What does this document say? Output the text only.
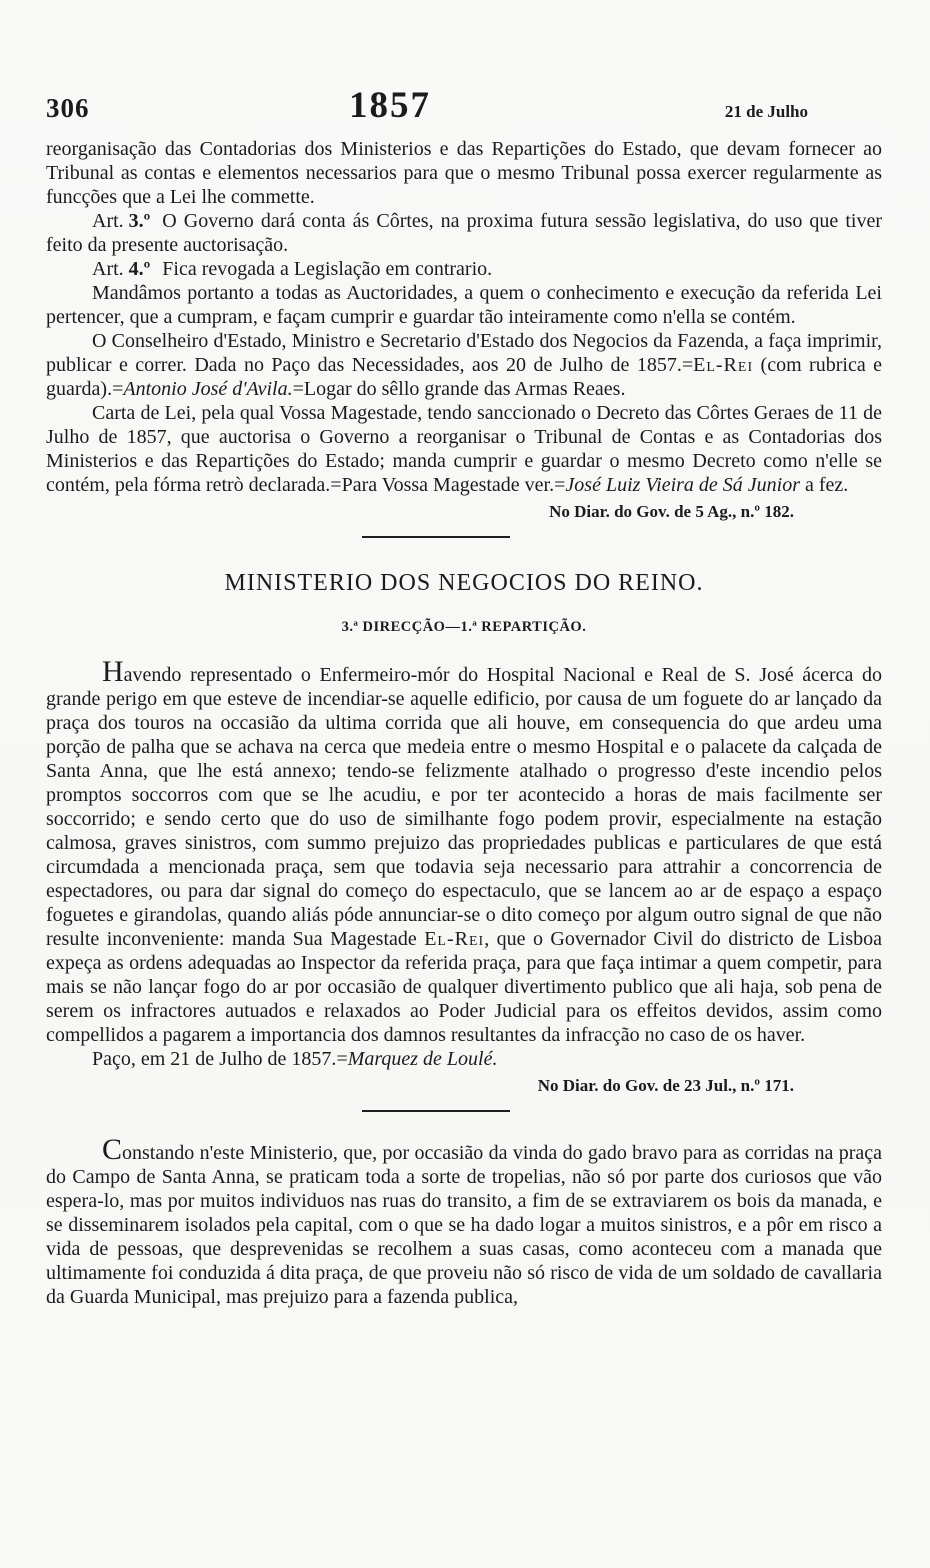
306	1857	21 de Julho

reorganisação das Contadorias dos Ministerios e das Repartições do Estado, que devam fornecer ao Tribunal as contas e elementos necessarios para que o mesmo Tribunal possa exercer regularmente as funcções que a Lei lhe commette.

Art. 3.º O Governo dará conta ás Côrtes, na proxima futura sessão legislativa, do uso que tiver feito da presente auctorisação.

Art. 4.º Fica revogada a Legislação em contrario.

Mandâmos portanto a todas as Auctoridades, a quem o conhecimento e execução da referida Lei pertencer, que a cumpram, e façam cumprir e guardar tão inteiramente como n'ella se contém.

O Conselheiro d'Estado, Ministro e Secretario d'Estado dos Negocios da Fazenda, a faça imprimir, publicar e correr. Dada no Paço das Necessidades, aos 20 de Julho de 1857.=El-Rei (com rubrica e guarda).=Antonio José d'Avila.=Logar do sêllo grande das Armas Reaes.

Carta de Lei, pela qual Vossa Magestade, tendo sanccionado o Decreto das Côrtes Geraes de 11 de Julho de 1857, que auctorisa o Governo a reorganisar o Tribunal de Contas e as Contadorias dos Ministerios e das Repartições do Estado; manda cumprir e guardar o mesmo Decreto como n'elle se contém, pela fórma retrò declarada.=Para Vossa Magestade ver.=José Luiz Vieira de Sá Junior a fez.

No Diar. do Gov. de 5 Ag., n.º 182.
MINISTERIO DOS NEGOCIOS DO REINO.
3.ª DIRECÇÃO—1.ª REPARTIÇÃO.

Havendo representado o Enfermeiro-mór do Hospital Nacional e Real de S. José ácerca do grande perigo em que esteve de incendiar-se aquelle edificio, por causa de um foguete do ar lançado da praça dos touros na occasião da ultima corrida que ali houve, em consequencia do que ardeu uma porção de palha que se achava na cerca que medeia entre o mesmo Hospital e o palacete da calçada de Santa Anna, que lhe está annexo; tendo-se felizmente atalhado o progresso d'este incendio pelos promptos soccorros com que se lhe acudiu, e por ter acontecido a horas de mais facilmente ser soccorrido; e sendo certo que do uso de similhante fogo podem provir, especialmente na estação calmosa, graves sinistros, com summo prejuizo das propriedades publicas e particulares de que está circumdada a mencionada praça, sem que todavia seja necessario para attrahir a concorrencia de espectadores, ou para dar signal do começo do espectaculo, que se lancem ao ar de espaço a espaço foguetes e girandolas, quando aliás póde annunciar-se o dito começo por algum outro signal de que não resulte inconveniente: manda Sua Magestade El-Rei, que o Governador Civil do districto de Lisboa expeça as ordens adequadas ao Inspector da referida praça, para que faça intimar a quem competir, para mais se não lançar fogo do ar por occasião de qualquer divertimento publico que ali haja, sob pena de serem os infractores autuados e relaxados ao Poder Judicial para os effeitos devidos, assim como compellidos a pagarem a importancia dos damnos resultantes da infracção no caso de os haver.

Paço, em 21 de Julho de 1857.=Marquez de Loulé.

No Diar. do Gov. de 23 Jul., n.º 171.

Constando n'este Ministerio, que, por occasião da vinda do gado bravo para as corridas na praça do Campo de Santa Anna, se praticam toda a sorte de tropelias, não só por parte dos curiosos que vão espera-lo, mas por muitos individuos nas ruas do transito, a fim de se extraviarem os bois da manada, e se disseminarem isolados pela capital, com o que se ha dado logar a muitos sinistros, e a pôr em risco a vida de pessoas, que desprevenidas se recolhem a suas casas, como aconteceu com a manada que ultimamente foi conduzida á dita praça, de que proveiu não só risco de vida de um soldado de cavallaria da Guarda Municipal, mas prejuizo para a fazenda publica,
